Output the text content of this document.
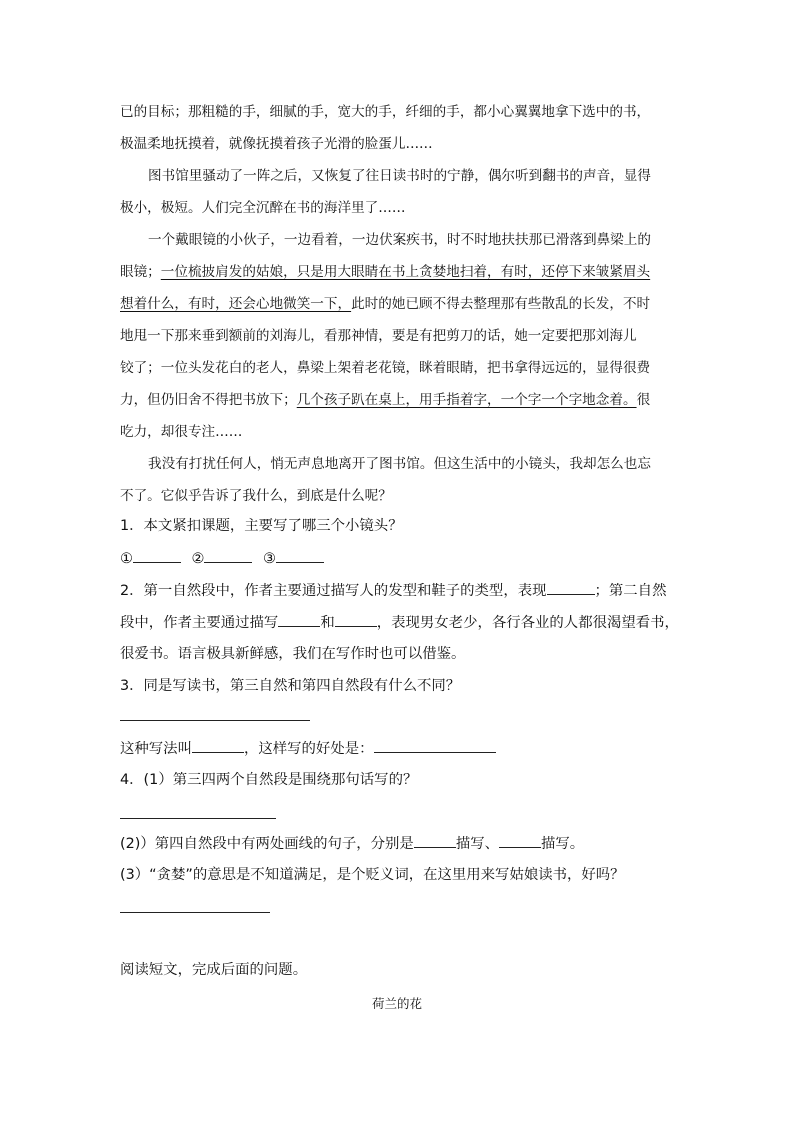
已的目标；那粗糙的手，细腻的手，宽大的手，纤细的手，都小心翼翼地拿下选中的书，
极温柔地抚摸着，就像抚摸着孩子光滑的脸蛋儿……
图书馆里骚动了一阵之后，又恢复了往日读书时的宁静，偶尔听到翻书的声音，显得
极小，极短。人们完全沉醉在书的海洋里了……
一个戴眼镜的小伙子，一边看着，一边伏案疾书，时不时地扶扶那已滑落到鼻梁上的
眼镜；一位梳披肩发的姑娘，只是用大眼睛在书上贪婪地扫着，有时，还停下来皱紧眉头
想着什么，有时，还会心地微笑一下，此时的她已顾不得去整理那有些散乱的长发，不时
地甩一下那来垂到额前的刘海儿，看那神情，要是有把剪刀的话，她一定要把那刘海儿
铰了；一位头发花白的老人，鼻梁上架着老花镜，眯着眼睛，把书拿得远远的，显得很费
力，但仍旧舍不得把书放下；几个孩子趴在桌上，用手指着字，一个字一个字地念着。很
吃力，却很专注……
我没有打扰任何人，悄无声息地离开了图书馆。但这生活中的小镜头，我却怎么也忘
不了。它似乎告诉了我什么，到底是什么呢？
1．本文紧扣课题，主要写了哪三个小镜头？
①	②	③
2．第一自然段中，作者主要通过描写人的发型和鞋子的类型，表现	；第二自然
段中，作者主要通过描写	和	，表现男女老少，各行各业的人都很渴望看书，
很爱书。语言极具新鲜感，我们在写作时也可以借鉴。
3．同是写读书，第三自然和第四自然段有什么不同？
这种写法叫	，这样写的好处是：
4．(1）第三四两个自然段是围绕那句话写的？
(2)）第四自然段中有两处画线的句子，分别是	描写、	描写。
(3）“贪婪”的意思是不知道满足，是个贬义词，在这里用来写姑娘读书，好吗？
阅读短文，完成后面的问题。
荷兰的花
